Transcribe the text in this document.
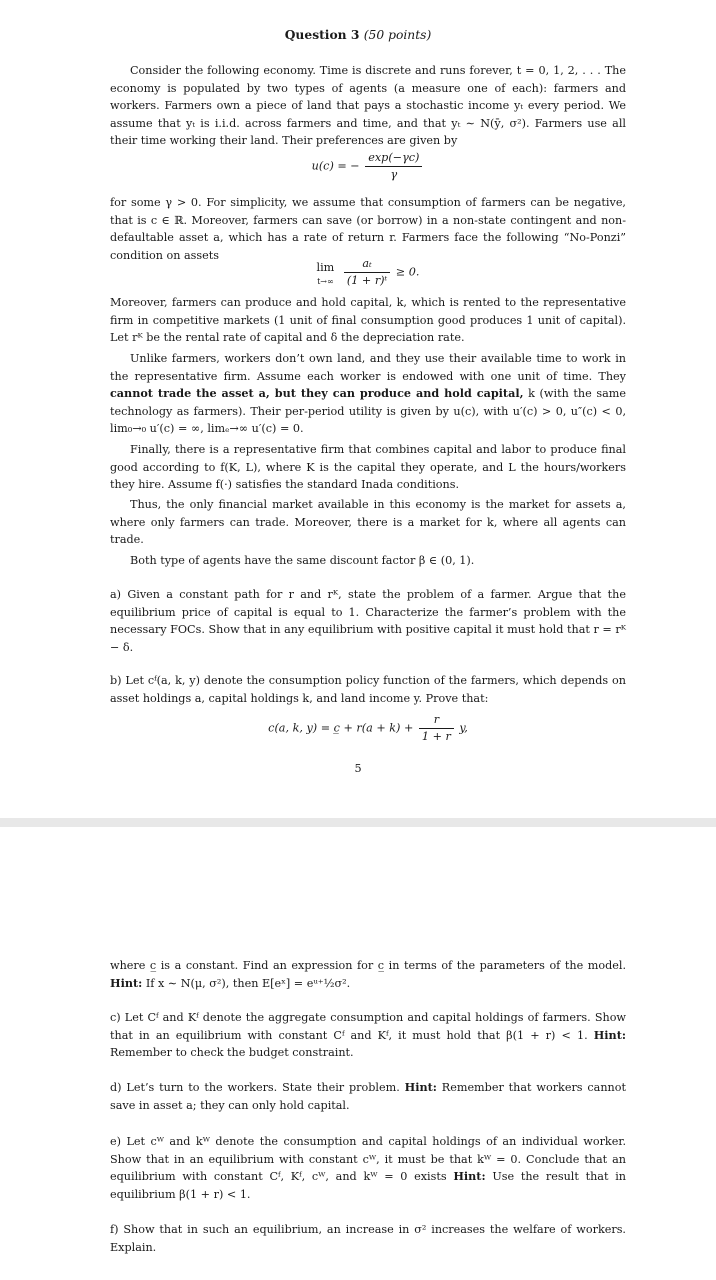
Question 3 (50 points)
Consider the following economy. Time is discrete and runs forever, t = 0, 1, 2, . . . The economy is populated by two types of agents (a measure one of each): farmers and workers. Farmers own a piece of land that pays a stochastic income yₜ every period. We assume that yₜ is i.i.d. across farmers and time, and that yₜ ∼ N(ȳ, σ²). Farmers use all their time working their land. Their preferences are given by
u(c) = − $\frac{\exp(-\gamma c)}{\gamma}$
for some γ > 0. For simplicity, we assume that consumption of farmers can be negative, that is c ∈ ℝ. Moreover, farmers can save (or borrow) in a non-state contingent and non-defaultable asset a, which has a rate of return r. Farmers face the following “No-Ponzi” condition on assets
lim
t→∞
$\frac{\text{aₜ}}{\text{(1 + r)ᵗ}} \ge 0$.
Moreover, farmers can produce and hold capital, k, which is rented to the representative firm in competitive markets (1 unit of final consumption good produces 1 unit of capital). Let rᴷ be the rental rate of capital and δ the depreciation rate.
Unlike farmers, workers don’t own land, and they use their available time to work in the representative firm. Assume each worker is endowed with one unit of time. They cannot trade the asset a, but they can produce and hold capital, k (with the same technology as farmers). Their per-period utility is given by u(c), with u′(c) > 0, u″(c) < 0, lim₀→₀ u′(c) = ∞, limₑ→∞ u′(c) = 0.
Finally, there is a representative firm that combines capital and labor to produce final good according to f(K, L), where K is the capital they operate, and L the hours/workers they hire. Assume f(·) satisfies the standard Inada conditions.
Thus, the only financial market available in this economy is the market for assets a, where only farmers can trade. Moreover, there is a market for k, where all agents can trade.
Both type of agents have the same discount factor β ∈ (0, 1).
a) Given a constant path for r and rᴷ, state the problem of a farmer. Argue that the equilibrium price of capital is equal to 1. Characterize the farmer’s problem with the necessary FOCs. Show that in any equilibrium with positive capital it must hold that r = rᴷ − δ.
b) Let cᶠ(a, k, y) denote the consumption policy function of the farmers, which depends on asset holdings a, capital holdings k, and land income y. Prove that:
c(a, k, y) = c̲ + $r(a + k) + \frac{r}{1 + r} y$,
5
where c̲ is a constant. Find an expression for c̲ in terms of the parameters of the model. Hint: If x ∼ N(μ, σ²), then E[eˣ] = eᵘ⁺½σ².
c) Let Cᶠ and Kᶠ denote the aggregate consumption and capital holdings of farmers. Show that in an equilibrium with constant Cᶠ and Kᶠ, it must hold that β(1 + r) < 1. Hint: Remember to check the budget constraint.
d) Let’s turn to the workers. State their problem. Hint: Remember that workers cannot save in asset a; they can only hold capital.
e) Let cᵂ and kᵂ denote the consumption and capital holdings of an individual worker. Show that in an equilibrium with constant cᵂ, it must be that kᵂ = 0. Conclude that an equilibrium with constant Cᶠ, Kᶠ, cᵂ, and kᵂ = 0 exists Hint: Use the result that in equilibrium β(1 + r) < 1.
f) Show that in such an equilibrium, an increase in σ² increases the welfare of workers. Explain.
